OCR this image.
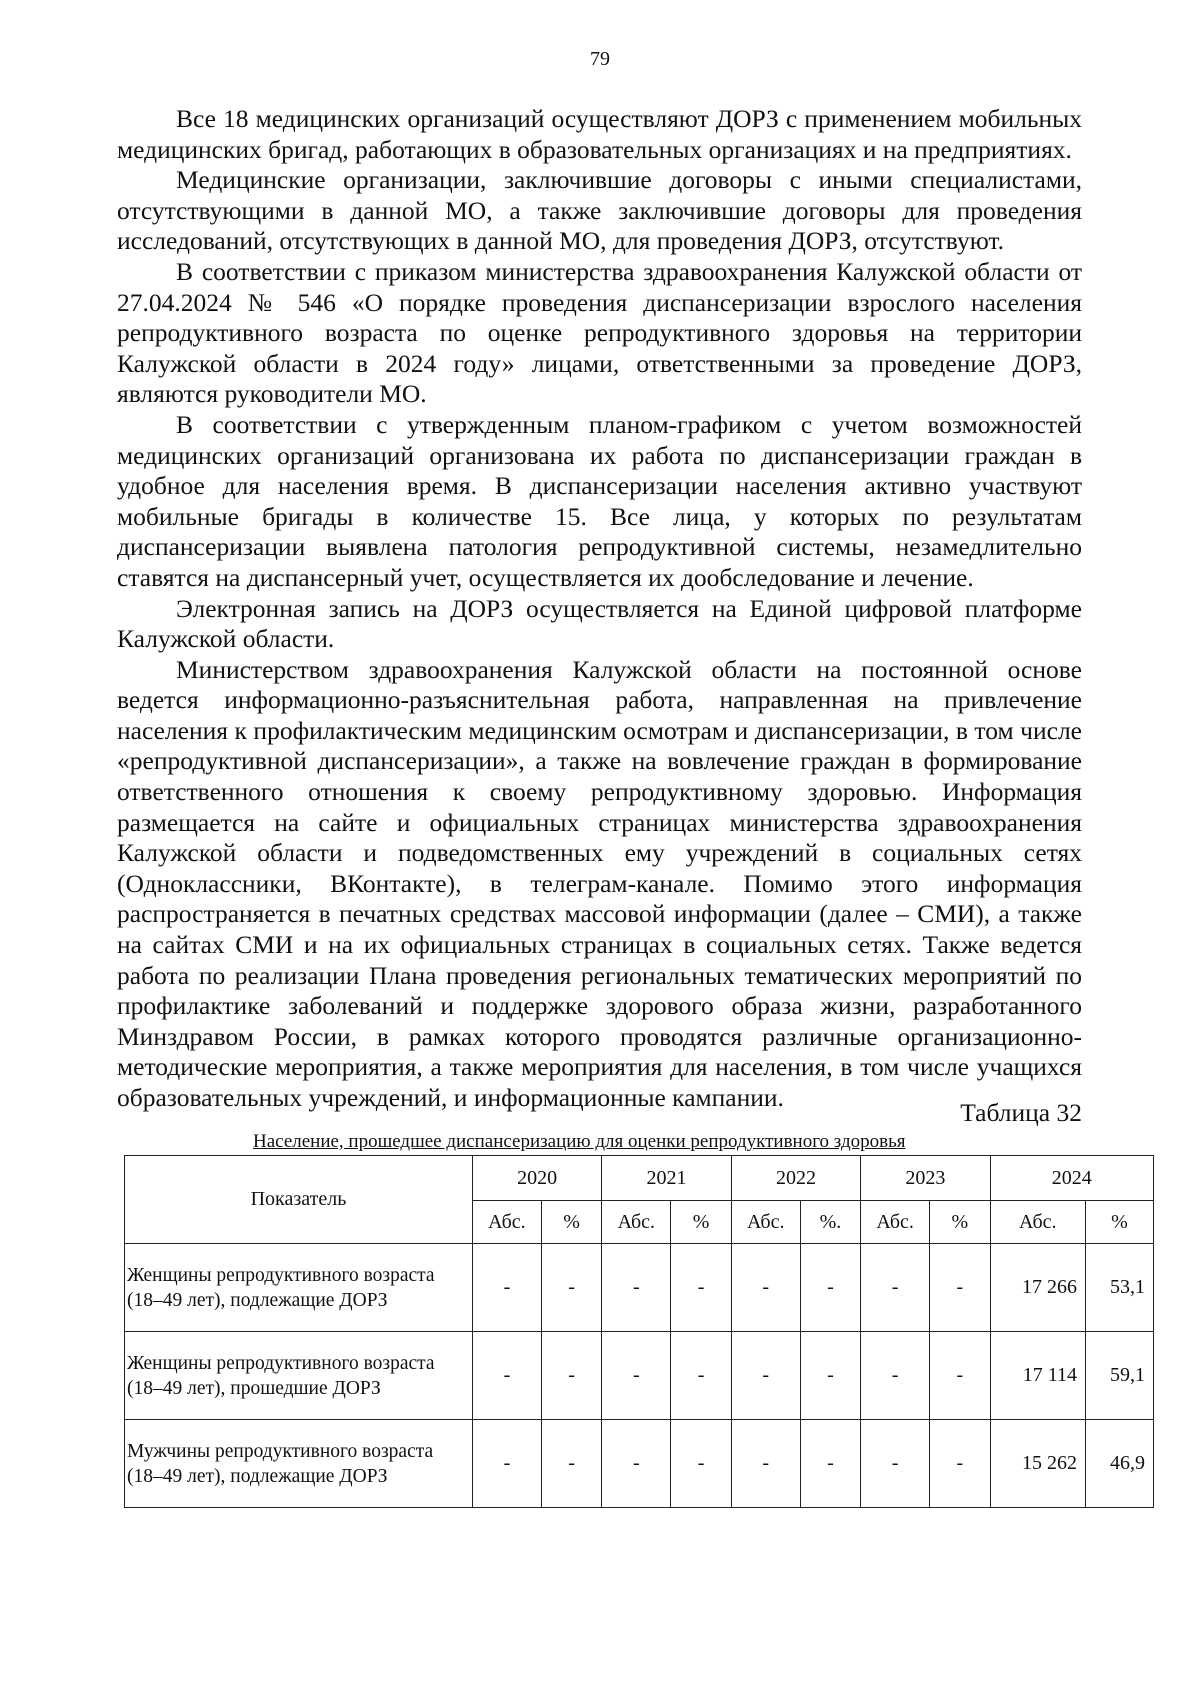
79

Все 18 медицинских организаций осуществляют ДОРЗ с применением мобильных медицинских бригад, работающих в образовательных организациях и на предприятиях.

Медицинские организации, заключившие договоры с иными специалистами, отсутствующими в данной МО, а также заключившие договоры для проведения исследований, отсутствующих в данной МО, для проведения ДОРЗ, отсутствуют.

В соответствии с приказом министерства здравоохранения Калужской области от 27.04.2024 № 546 «О порядке проведения диспансеризации взрослого населения репродуктивного возраста по оценке репродуктивного здоровья на территории Калужской области в 2024 году» лицами, ответственными за проведение ДОРЗ, являются руководители МО.

В соответствии с утвержденным планом-графиком с учетом возможностей медицинских организаций организована их работа по диспансеризации граждан в удобное для населения время. В диспансеризации населения активно участвуют мобильные бригады в количестве 15. Все лица, у которых по результатам диспансеризации выявлена патология репродуктивной системы, незамедлительно ставятся на диспансерный учет, осуществляется их дообследование и лечение.

Электронная запись на ДОРЗ осуществляется на Единой цифровой платформе Калужской области.

Министерством здравоохранения Калужской области на постоянной основе ведется информационно-разъяснительная работа, направленная на привлечение населения к профилактическим медицинским осмотрам и диспансеризации, в том числе «репродуктивной диспансеризации», а также на вовлечение граждан в формирование ответственного отношения к своему репродуктивному здоровью. Информация размещается на сайте и официальных страницах министерства здравоохранения Калужской области и подведомственных ему учреждений в социальных сетях (Одноклассники, ВКонтакте), в телеграм-канале. Помимо этого информация распространяется в печатных средствах массовой информации (далее – СМИ), а также на сайтах СМИ и на их официальных страницах в социальных сетях. Также ведется работа по реализации Плана проведения региональных тематических мероприятий по профилактике заболеваний и поддержке здорового образа жизни, разработанного Минздравом России, в рамках которого проводятся различные организационно-методические мероприятия, а также мероприятия для населения, в том числе учащихся образовательных учреждений, и информационные кампании.

Таблица 32
Население, прошедшее диспансеризацию для оценки репродуктивного здоровья
Показатель	2020		2021		2022		2023		2024	
	Абс.	%	Абс.	%	Абс.	%.	Абс.	%	Абс.	%
Женщины репродуктивного возраста (18–49 лет), подлежащие ДОРЗ	-	-	-	-	-	-	-	-	17 266	53,1
Женщины репродуктивного возраста (18–49 лет), прошедшие ДОРЗ	-	-	-	-	-	-	-	-	17 114	59,1
Мужчины репродуктивного возраста (18–49 лет), подлежащие ДОРЗ	-	-	-	-	-	-	-	-	15 262	46,9
